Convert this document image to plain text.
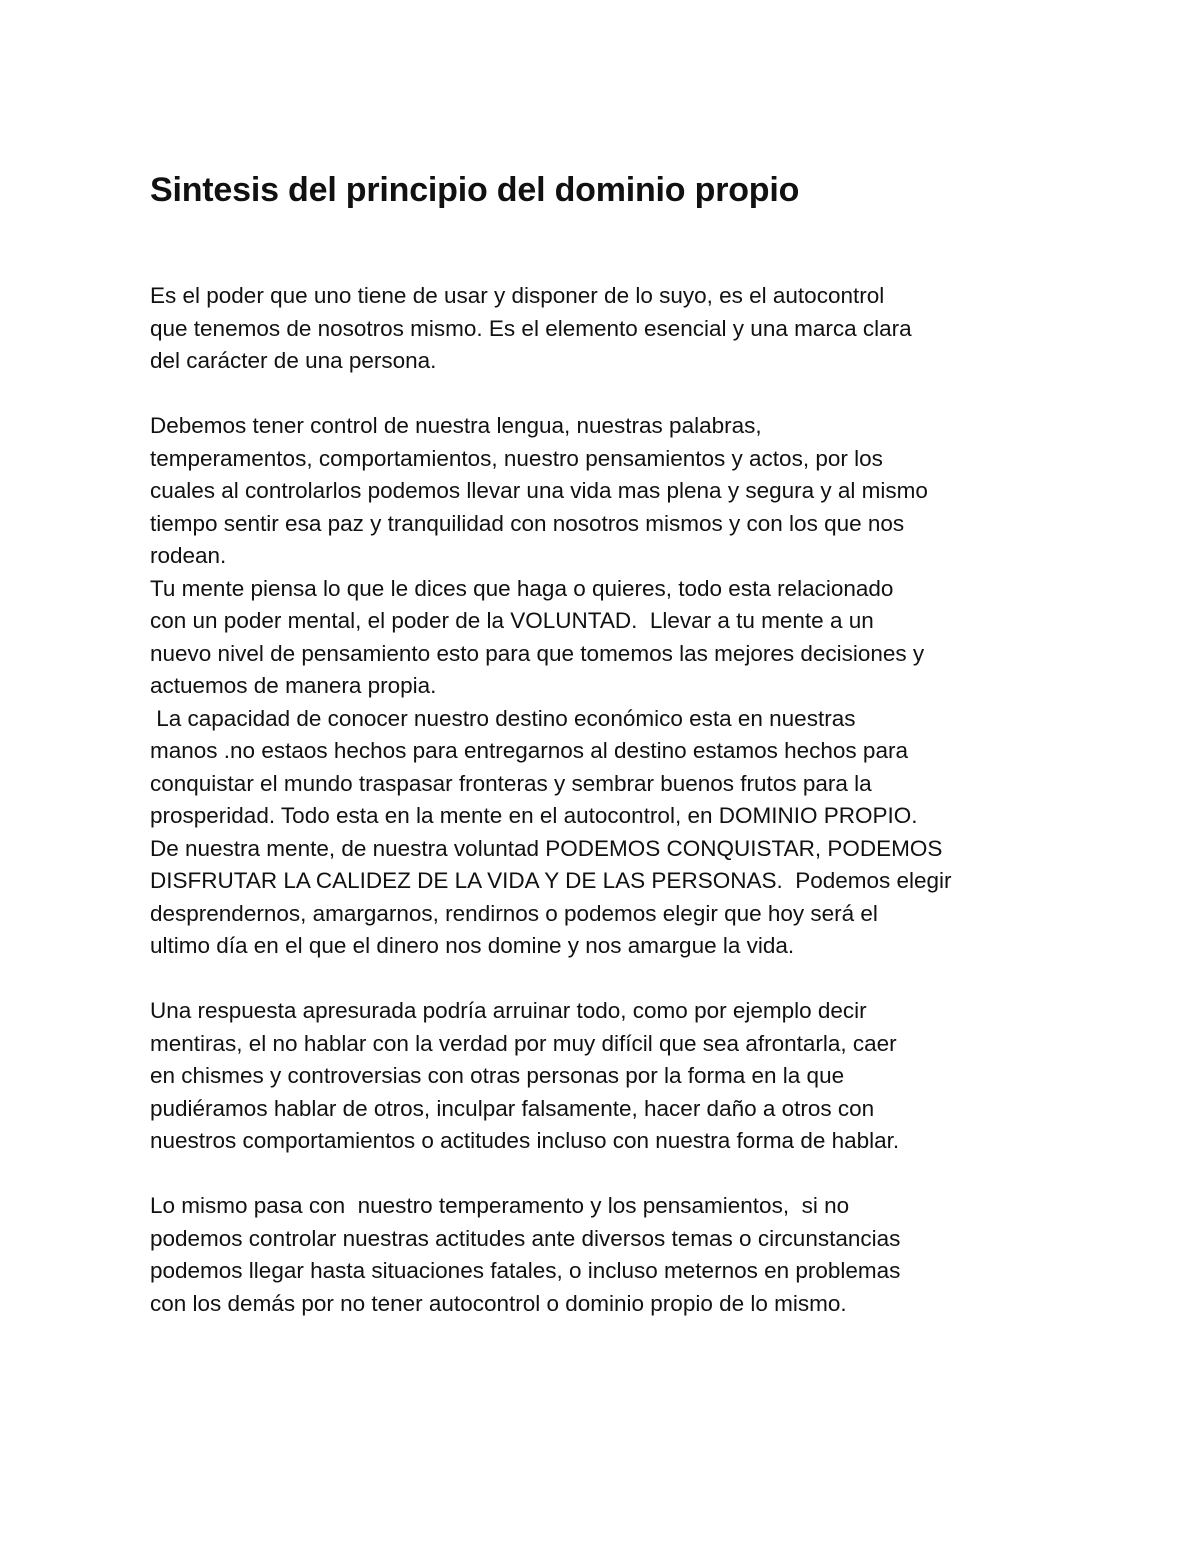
Sintesis del principio del dominio propio
Es el poder que uno tiene de usar y disponer de lo suyo, es el autocontrol
que tenemos de nosotros mismo. Es el elemento esencial y una marca clara
del carácter de una persona.
Debemos tener control de nuestra lengua, nuestras palabras,
temperamentos, comportamientos, nuestro pensamientos y actos, por los
cuales al controlarlos podemos llevar una vida mas plena y segura y al mismo
tiempo sentir esa paz y tranquilidad con nosotros mismos y con los que nos
rodean.
Tu mente piensa lo que le dices que haga o quieres, todo esta relacionado
con un poder mental, el poder de la VOLUNTAD.  Llevar a tu mente a un
nuevo nivel de pensamiento esto para que tomemos las mejores decisiones y
actuemos de manera propia.
La capacidad de conocer nuestro destino económico esta en nuestras
manos .no estaos hechos para entregarnos al destino estamos hechos para
conquistar el mundo traspasar fronteras y sembrar buenos frutos para la
prosperidad. Todo esta en la mente en el autocontrol, en DOMINIO PROPIO.
De nuestra mente, de nuestra voluntad PODEMOS CONQUISTAR, PODEMOS
DISFRUTAR LA CALIDEZ DE LA VIDA Y DE LAS PERSONAS.  Podemos elegir
desprendernos, amargarnos, rendirnos o podemos elegir que hoy será el
ultimo día en el que el dinero nos domine y nos amargue la vida.
Una respuesta apresurada podría arruinar todo, como por ejemplo decir
mentiras, el no hablar con la verdad por muy difícil que sea afrontarla, caer
en chismes y controversias con otras personas por la forma en la que
pudiéramos hablar de otros, inculpar falsamente, hacer daño a otros con
nuestros comportamientos o actitudes incluso con nuestra forma de hablar.
Lo mismo pasa con  nuestro temperamento y los pensamientos,  si no
podemos controlar nuestras actitudes ante diversos temas o circunstancias
podemos llegar hasta situaciones fatales, o incluso meternos en problemas
con los demás por no tener autocontrol o dominio propio de lo mismo.
